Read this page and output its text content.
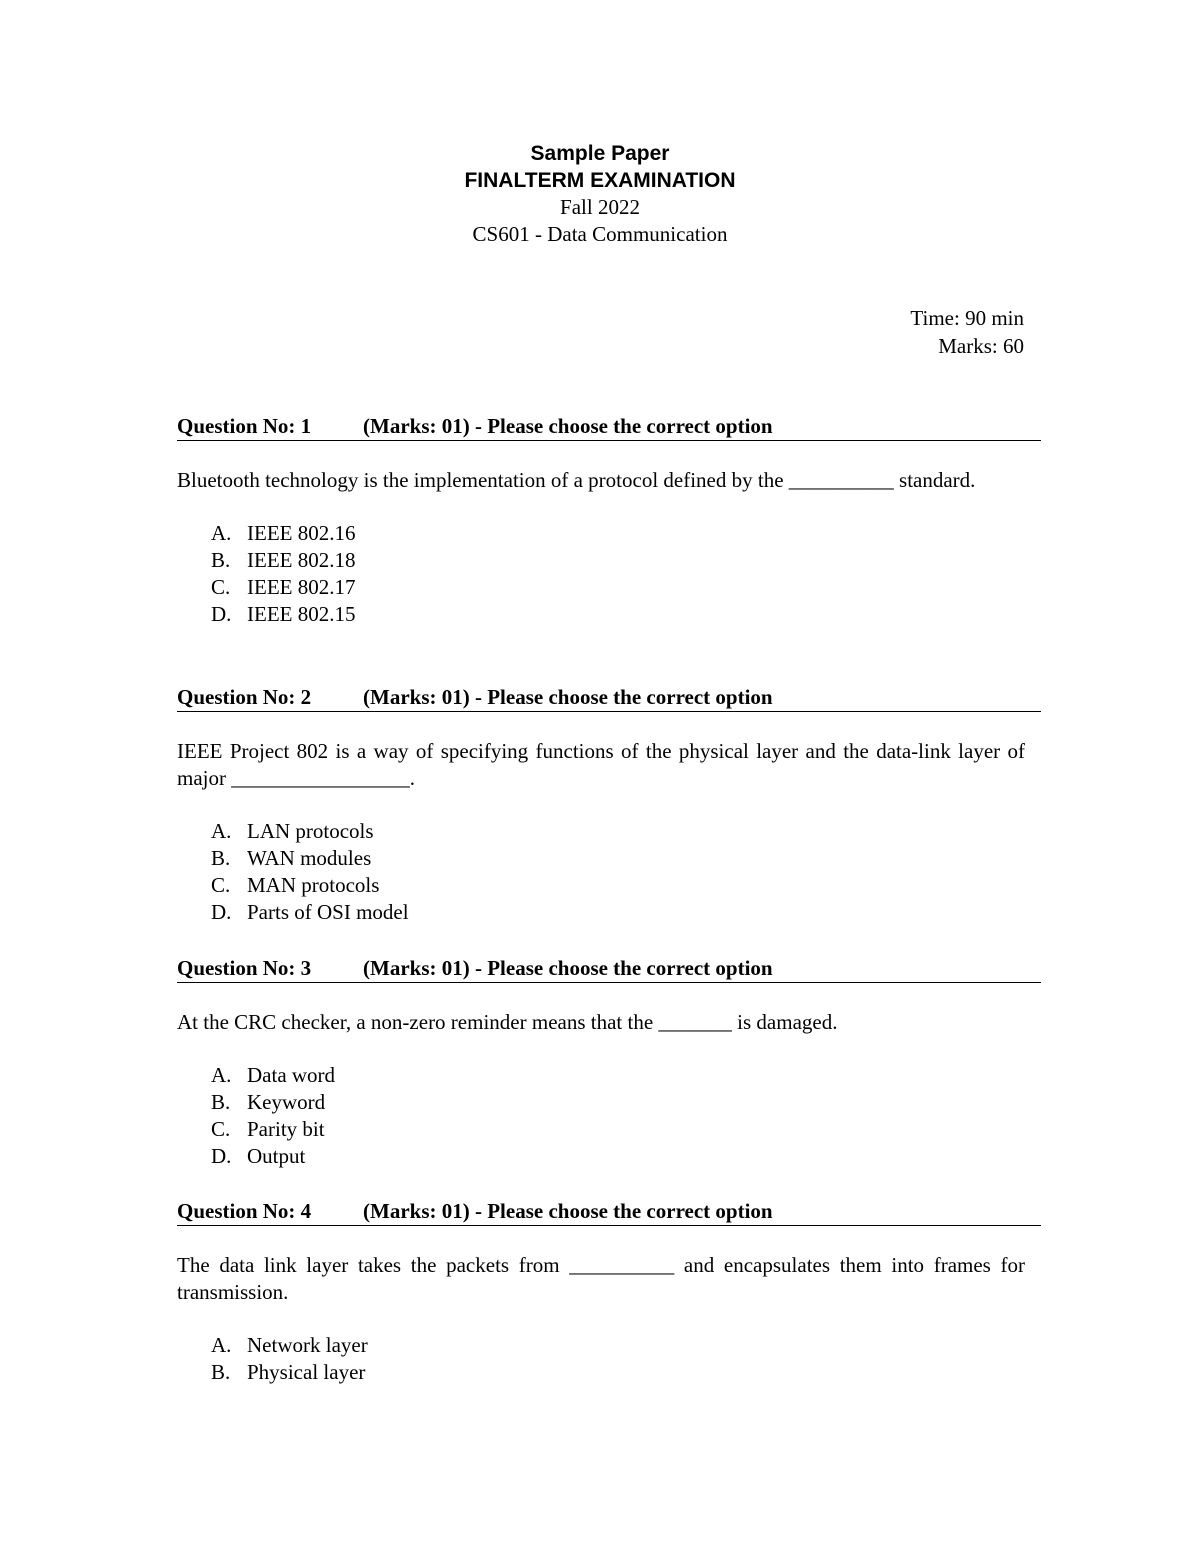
Sample Paper
FINALTERM EXAMINATION
Fall 2022
CS601 - Data Communication
Time: 90 min
Marks: 60
Question No: 1 (Marks: 01) - Please choose the correct option
Bluetooth technology is the implementation of a protocol defined by the __________ standard.
A. IEEE 802.16
B. IEEE 802.18
C. IEEE 802.17
D. IEEE 802.15
Question No: 2 (Marks: 01) - Please choose the correct option
IEEE Project 802 is a way of specifying functions of the physical layer and the data-link layer of major _________________.
A. LAN protocols
B. WAN modules
C. MAN protocols
D. Parts of OSI model
Question No: 3 (Marks: 01) - Please choose the correct option
At the CRC checker, a non-zero reminder means that the _______ is damaged.
A. Data word
B. Keyword
C. Parity bit
D. Output
Question No: 4 (Marks: 01) - Please choose the correct option
The data link layer takes the packets from __________ and encapsulates them into frames for transmission.
A. Network layer
B. Physical layer
